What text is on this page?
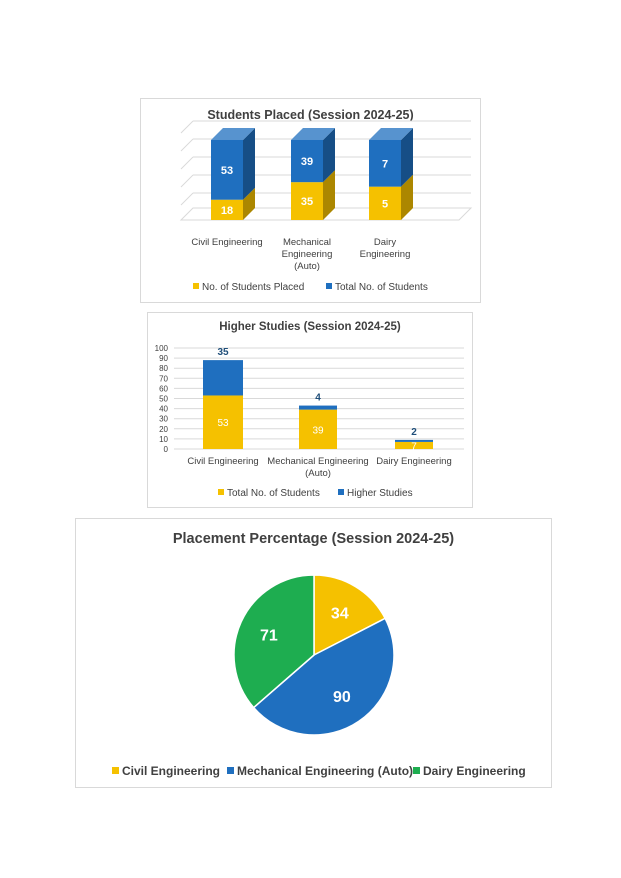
Students Placed (Session 2024-25)
18
53
Civil Engineering
35
39
Mechanical
Engineering
(Auto)
5
7
Dairy
Engineering
No. of Students Placed	Total No. of Students
Higher Studies (Session 2024-25)
0
10
20
30
40
50
60
70
80
90
100
53
35
Civil Engineering
39
4
Mechanical Engineering
(Auto)
7
2
Dairy Engineering
Total No. of Students	Higher Studies
Placement Percentage (Session 2024-25)
34
90
71
Civil Engineering Mechanical Engineering (Auto) Dairy Engineering
